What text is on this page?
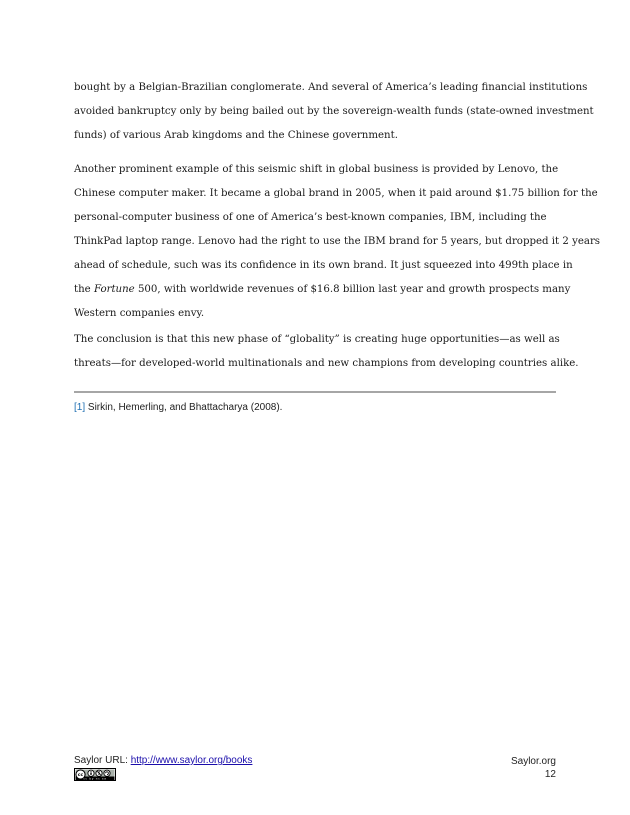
bought by a Belgian-Brazilian conglomerate. And several of America’s leading financial institutions
avoided bankruptcy only by being bailed out by the sovereign-wealth funds (state-owned investment
funds) of various Arab kingdoms and the Chinese government.
Another prominent example of this seismic shift in global business is provided by Lenovo, the
Chinese computer maker. It became a global brand in 2005, when it paid around $1.75 billion for the
personal-computer business of one of America’s best-known companies, IBM, including the
ThinkPad laptop range. Lenovo had the right to use the IBM brand for 5 years, but dropped it 2 years
ahead of schedule, such was its confidence in its own brand. It just squeezed into 499th place in
the Fortune 500, with worldwide revenues of $16.8 billion last year and growth prospects many
Western companies envy.
The conclusion is that this new phase of “globality” is creating huge opportunities—as well as
threats—for developed-world multinationals and new champions from developing countries alike.
[1] Sirkin, Hemerling, and Bhattacharya (2008).
Saylor URL: http://www.saylor.org/books	Saylor.org
12
cc
cc by nc sa
